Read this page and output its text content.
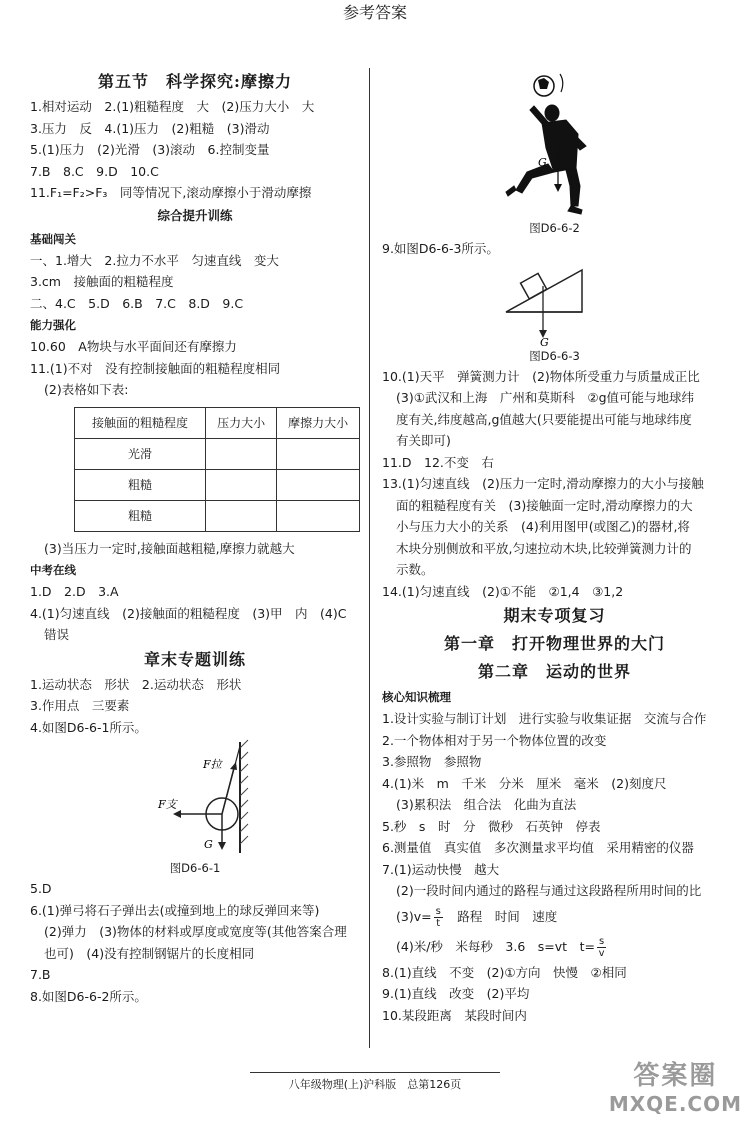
第五节　科学探究:摩擦力
1.相对运动　2.(1)粗糙程度　大　(2)压力大小　大
3.压力　反　4.(1)压力　(2)粗糙　(3)滑动
5.(1)压力　(2)光滑　(3)滚动　6.控制变量
7.B　8.C　9.D　10.C
11.F₁=F₂>F₃　同等情况下,滚动摩擦小于滑动摩擦
综合提升训练
基础闯关
一、1.增大　2.拉力不水平　匀速直线　变大
3.cm　接触面的粗糙程度
二、4.C　5.D　6.B　7.C　8.D　9.C
能力强化
10.60　A物块与水平面间还有摩擦力
11.(1)不对　没有控制接触面的粗糙程度相同
(2)表格如下表:
接触面的粗糙程度	压力大小	摩擦力大小
光滑		
粗糙		
粗糙		
(3)当压力一定时,接触面越粗糙,摩擦力就越大
中考在线
1.D　2.D　3.A
4.(1)匀速直线　(2)接触面的粗糙程度　(3)甲　内　(4)C
错误
章末专题训练
1.运动状态　形状　2.运动状态　形状
3.作用点　三要素
4.如图D6-6-1所示。
F拉
F支
G
图D6-6-1
5.D
6.(1)弹弓将石子弹出去(或撞到地上的球反弹回来等)
(2)弹力　(3)物体的材料或厚度或宽度等(其他答案合理
也可)　(4)没有控制钢锯片的长度相同
7.B
8.如图D6-6-2所示。
G
图D6-6-2
9.如图D6-6-3所示。
G
图D6-6-3
10.(1)天平　弹簧测力计　(2)物体所受重力与质量成正比
(3)①武汉和上海　广州和莫斯科　②g值可能与地球纬
度有关,纬度越高,g值越大(只要能提出可能与地球纬度
有关即可)
11.D　12.不变　右
13.(1)匀速直线　(2)压力一定时,滑动摩擦力的大小与接触
面的粗糙程度有关　(3)接触面一定时,滑动摩擦力的大
小与压力大小的关系　(4)利用图甲(或图乙)的器材,将
木块分别侧放和平放,匀速拉动木块,比较弹簧测力计的
示数。
14.(1)匀速直线　(2)①不能　②1,4　③1,2
期末专项复习
第一章　打开物理世界的大门
第二章　运动的世界
核心知识梳理
1.设计实验与制订计划　进行实验与收集证据　交流与合作
2.一个物体相对于另一个物体位置的改变
3.参照物　参照物
4.(1)米　m　千米　分米　厘米　毫米　(2)刻度尺
(3)累积法　组合法　化曲为直法
5.秒　s　时　分　微秒　石英钟　停表
6.测量值　真实值　多次测量求平均值　采用精密的仪器
7.(1)运动快慢　越大
(2)一段时间内通过的路程与通过这段路程所用时间的比
$(3)v= \frac{s}{t}$ 　路程　时间　速度
(4)米/秒　米每秒　3.6　s=vt　$t= \frac{s}{v}$
8.(1)直线　不变　(2)①方向　快慢　②相同
9.(1)直线　改变　(2)平均
10.某段距离　某段时间内
参考答案
八年级物理(上)沪科版　总第126页	答案圈
MXQE.COM
